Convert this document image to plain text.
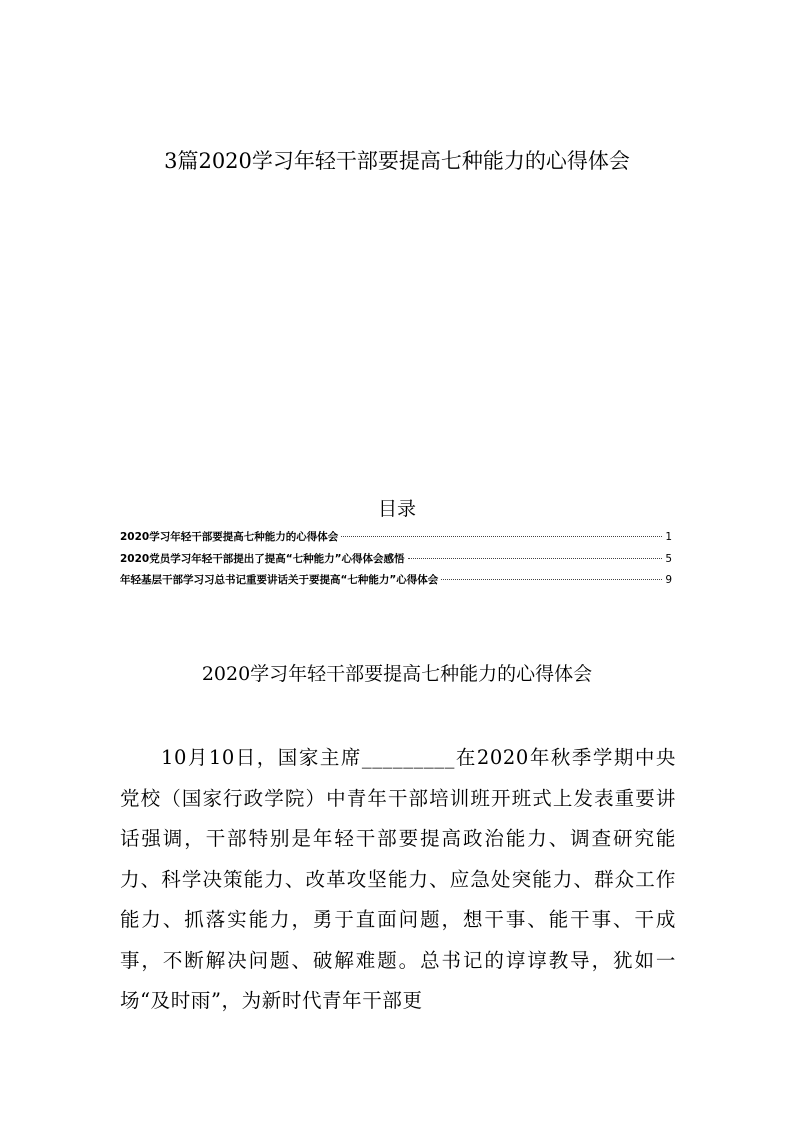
3篇2020学习年轻干部要提高七种能力的心得体会
目录
2020学习年轻干部要提高七种能力的心得体会	1
2020党员学习年轻干部提出了提高“七种能力”心得体会感悟	5
年轻基层干部学习习总书记重要讲话关于要提高“七种能力”心得体会	9
2020学习年轻干部要提高七种能力的心得体会

10月10日，国家主席_________在2020年秋季学期中央党校（国家行政学院）中青年干部培训班开班式上发表重要讲话强调，干部特别是年轻干部要提高政治能力、调查研究能力、科学决策能力、改革攻坚能力、应急处突能力、群众工作能力、抓落实能力，勇于直面问题，想干事、能干事、干成事，不断解决问题、破解难题。总书记的谆谆教导，犹如一场“及时雨”，为新时代青年干部更
